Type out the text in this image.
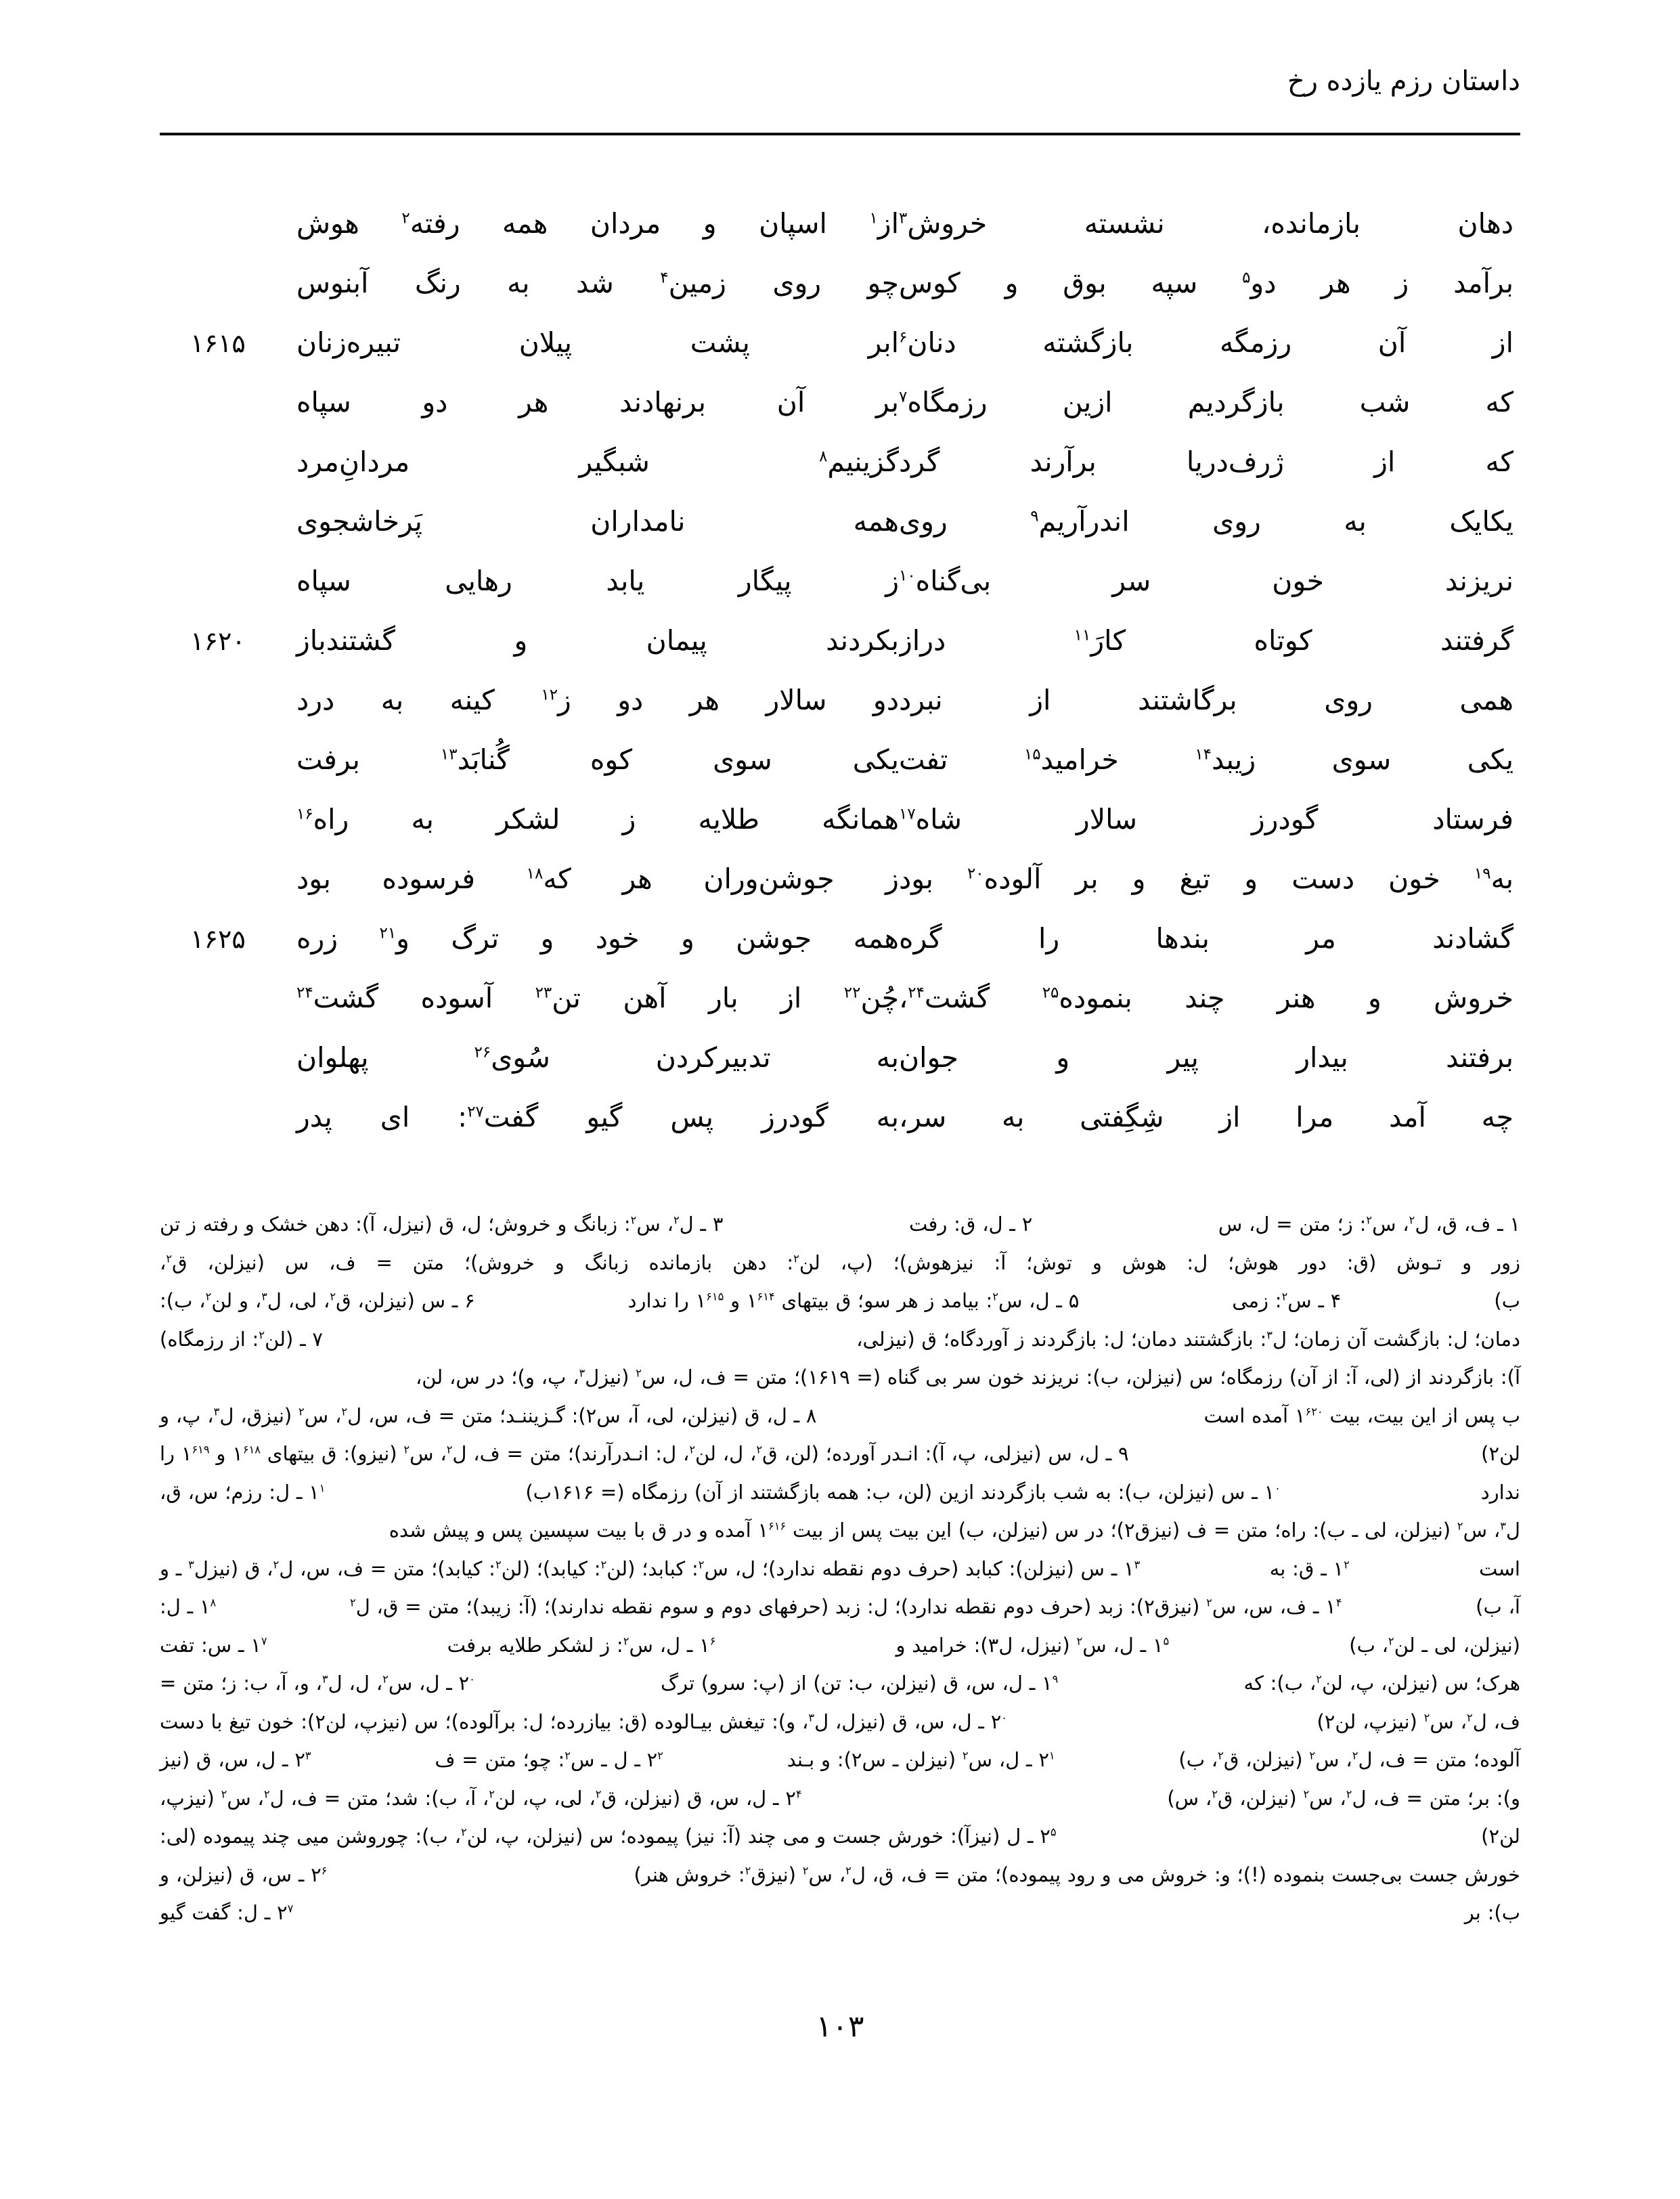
داستان رزم یازده رخ
دهان بازمانده، نشسته خروش$^۳$
از$^۱$ اسپان و مردان همه رفته$^۲$ هوش
برآمد ز هر دو$^۵$ سپه بوق و کوس
چو روی زمین$^۴$ شد به رنگ آبنوس
از آن رزمگه بازگشته دنان$^۶$
ابر پشت پیلان تبیره‌زنان
۱۶۱۵
که شب بازگردیم ازین رزمگاه$^۷$
بر آن برنهادند هر دو سپاه
که از ژرف‌دریا برآرند گرد
گزینیم$^۸$ شبگیر مردانِ‌مرد
یکایک به روی اندرآریم$^۹$ روی
همه نامداران پَرخاشجوی
نریزند خون سر بی‌گناه$^{۱۰}$
ز پیگار یابد رهایی سپاه
گرفتند کوتاه کارَ$^{۱۱}$ دراز
بکردند پیمان و گشتندباز
۱۶۲۰
همی روی برگاشتند از نبرد
دو سالار هر دو ز$^{۱۲}$ کینه به درد
یکی سوی زیبد$^{۱۴}$ خرامید$^{۱۵}$ تفت
یکی سوی کوه گُنابَد$^{۱۳}$ برفت
فرستاد گودرز سالار شاه$^{۱۷}$
همانگه طلایه ز لشکر به راه$^{۱۶}$
به$^{۱۹}$ خون دست و تیغ و بر آلوده$^{۲۰}$ بود
ز جوشن‌وران هر که$^{۱۸}$ فرسوده بود
گشادند مر بندها را گره
همه جوشن و خود و ترگ و$^{۲۱}$ زره
۱۶۲۵
خروش و هنر چند بنموده$^{۲۵}$ گشت$^{۲۴}$،
چُن$^{۲۲}$ از بار آهن تن$^{۲۳}$ آسوده گشت$^{۲۴}$
برفتند بیدار پیر و جوان
به تدبیرکردن سُوی$^{۲۶}$ پهلوان
چه آمد مرا از شِگِفتی به سر،
به گودرز پس گیو گفت$^{۲۷}$: ای پدر
۱ ـ ف، ق، ل$^۲$، س$^۲$: ز؛ متن = ل، س
۲ ـ ل، ق: رفت
۳ ـ ل$^۲$، س$^۲$: زبانگ و خروش؛ ل، ق (نیز‌ل، آ): دهن خشک و رفته ز تن
زور و تـوش (ق: دور هوش؛ ل: هوش و توش؛ آ: نیز‌هوش)؛ (پ، لن$^۲$: دهن بازمانده زبانگ و خروش)؛ متن = ف، س (نیز‌لن، ق$^۲$،
ب)
۴ ـ س$^۲$: زمی
۵ ـ ل، س$^۲$: بیامد ز هر سو؛ ق بیتهای $۱^{۶۱۴}$ و $۱^{۶۱۵}$ را ندارد
۶ ـ س (نیز‌لن، ق$^۲$، لی، ل$^۳$، و لن$^۲$، ب):
دمان؛ ل: بازگشت آن زمان؛ ل$^۳$: بازگشتند دمان؛ ل: بازگردند ز آوردگاه؛ ق (نیز‌لی،
۷ ـ (لن$^۲$: از رزمگاه)
آ): بازگردند از (لی، آ: از آن) رزمگاه؛ س (نیز‌لن، ب): نریزند خون سر بی گناه (= ۱۶۱۹)؛ متن = ف، ل، س$^۲$ (نیز‌ل$^۳$، پ، و)؛ در س، لن،
ب پس از این بیت، بیت $۱^{۶۲۰}$ آمده است
۸ ـ ل، ق (نیز‌لن، لی، آ، س۲): گـزیننـد؛ متن = ف، س، ل$^۲$، س$^۲$ (نیز‌ق، ل$^۳$، پ، و
لن۲)
۹ ـ ل، س (نیز‌لی، پ، آ): انـدر آورده؛ (لن، ق$^۲$، ل، لن$^۲$، ل: انـدرآرند)؛ متن = ف، ل$^۲$، س$^۲$ (نیز‌و): ق بیتهای $۱^{۶۱۸}$ و $۱^{۶۱۹}$ را
ندارد
$۱^۰$ ـ س (نیز‌لن، ب): به شب بازگردند ازین (لن، ب: همه بازگشتند از آن) رزمگاه (= ۱۶۱۶ب)
$۱^۱$ ـ ل: رزم؛ س، ق،
ل$^۳$، س$^۲$ (نیز‌لن، لی ـ ب): راه؛ متن = ف (نیز‌ق۲)؛ در س (نیز‌لن، ب) این بیت پس از بیت $۱^{۶۱۶}$ آمده و در ق با بیت سپسین پس و پیش شده
است
$۱^۲$ ـ ق: به
$۱^۳$ ـ س (نیز‌لن): کبابد (حرف دوم نقطه ندارد)؛ ل، س$^۲$: کبابد؛ (لن$^۲$: کیابد)؛ (لن$^۲$: کیابد)؛ متن = ف، س، ل$^۲$، ق (نیز‌ل$^۳$ ـ و
آ، ب)
$۱^۴$ ـ ف، س، س$^۲$ (نیز‌ق۲): زبد (حرف دوم نقطه ندارد)؛ ل: زبد (حرفهای دوم و سوم نقطه ندارند)؛ (آ: زیبد)؛ متن = ق، ل$^۲$
$۱^۸$ ـ ل:
(نیز‌لن، لی ـ لن$^۲$، ب)
$۱^۵$ ـ ل، س$^۲$ (نیز‌ل، ل۳): خرامید و
$۱^۶$ ـ ل، س$^۲$: ز لشکر طلایه برفت
$۱^۷$ ـ س: تفت
هرک؛ س (نیز‌لن، پ، لن$^۲$، ب): که
$۱^۹$ ـ ل، س، ق (نیز‌لن، ب: تن) از (پ: سرو) ترگ
$۲^۰$ ـ ل، س$^۲$، ل، ل$^۳$، و، آ، ب: ز؛ متن =
ف، ل$^۲$، س$^۲$ (نیز‌پ، لن۲)
$۲^۰$ ـ ل، س، ق (نیز‌ل، ل$^۳$، و): تیغش بیـالوده (ق: بیازرده؛ ل: برآلوده)؛ س (نیز‌پ، لن۲): خون تیغ با دست
آلوده؛ متن = ف، ل$^۲$، س$^۲$ (نیز‌لن، ق$^۲$، ب)
$۲^۱$ ـ ل، س$^۲$ (نیز‌لن ـ س۲): و بـند
$۲^۲$ ـ ل ـ س$^۲$: چو؛ متن = ف
$۲^۳$ ـ ل، س، ق (نیز
و): بر؛ متن = ف، ل$^۲$، س$^۲$ (نیز‌لن، ق$^۲$، س)
$۲^۴$ ـ ل، س، ق (نیز‌لن، ق$^۲$، لی، پ، لن$^۲$، آ، ب): شد؛ متن = ف، ل$^۲$، س$^۲$ (نیز‌پ،
لن۲)
$۲^۵$ ـ ل (نیز‌آ): خورش جست و می چند (آ: نیز) پیموده؛ س (نیز‌لن، پ، لن$^۲$، ب): چو‌روشن میی چند پیموده (لی:
خورش جست بی‌جست بنموده (!)؛ و: خروش می و رود پیموده)؛ متن = ف، ق، ل$^۲$، س$^۲$ (نیز‌ق$^۲$: خروش هنر)
$۲^۶$ ـ س، ق (نیز‌لن، و
ب): بر
$۲^۷$ ـ ل: گفت گیو
۱۰۳
